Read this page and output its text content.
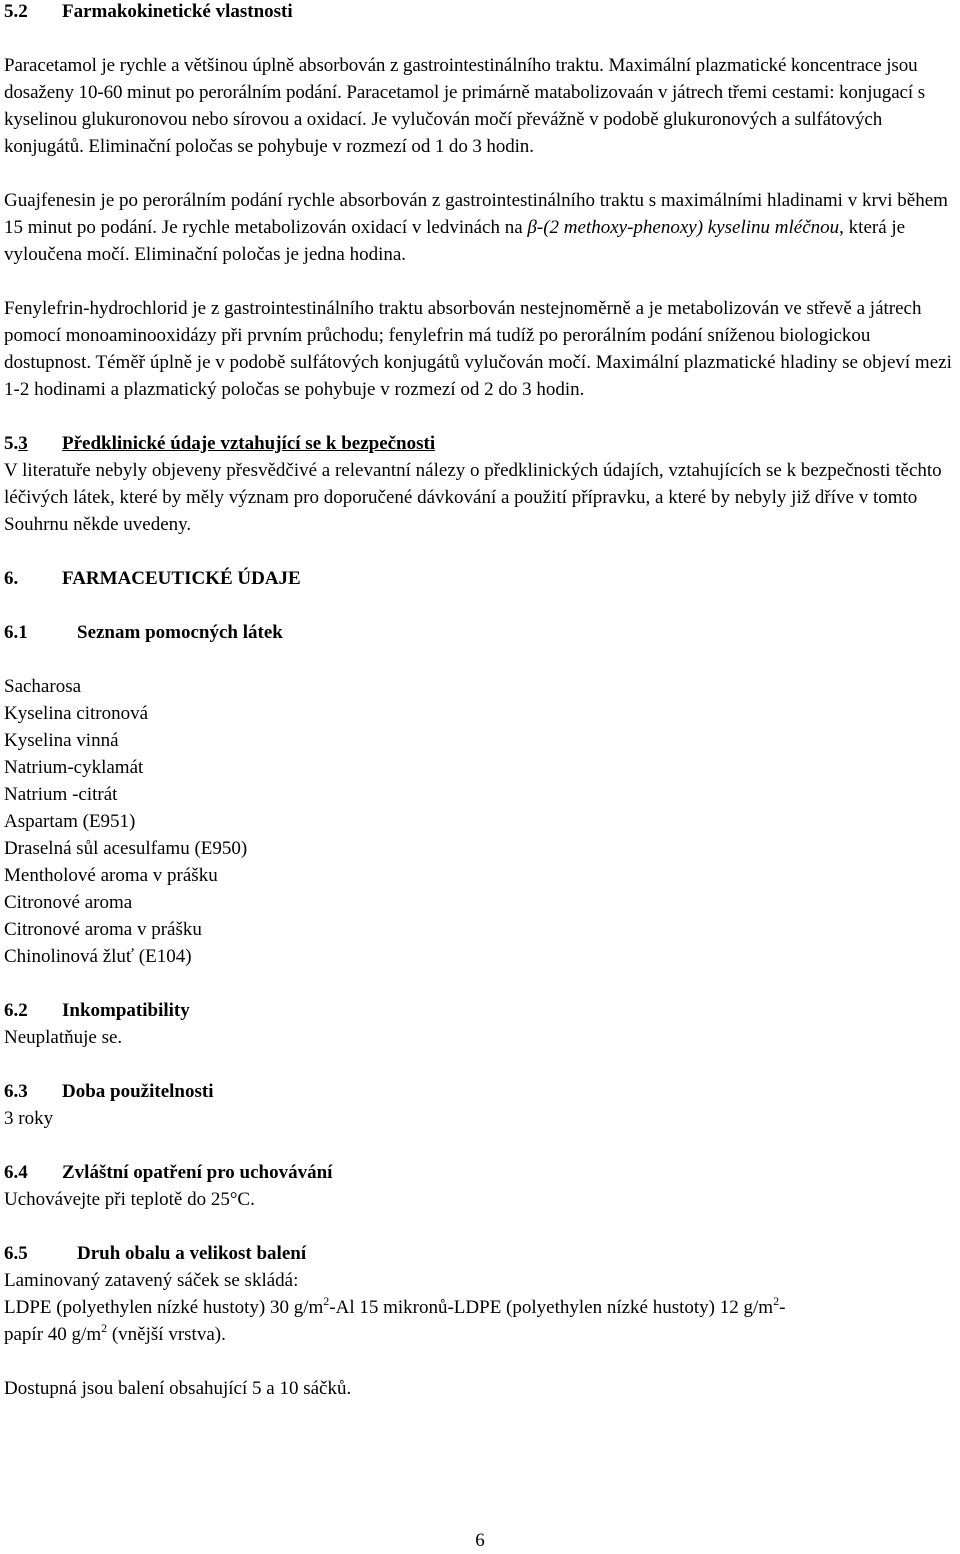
5.2 Farmakokinetické vlastnosti

Paracetamol je rychle a většinou úplně absorbován z gastrointestinálního traktu. Maximální plazmatické koncentrace jsou dosaženy 10-60 minut po perorálním podání. Paracetamol je primárně matabolizovaán v játrech třemi cestami: konjugací s kyselinou glukuronovou nebo sírovou a oxidací. Je vylučován močí převážně v podobě glukuronových a sulfátových konjugátů. Eliminační poločas se pohybuje v rozmezí od 1 do 3 hodin.

Guajfenesin je po perorálním podání rychle absorbován z gastrointestinálního traktu s maximálními hladinami v krvi během 15 minut po podání. Je rychle metabolizován oxidací v ledvinách na β-(2 methoxy-phenoxy) kyselinu mléčnou, která je vyloučena močí. Eliminační poločas je jedna hodina.

Fenylefrin-hydrochlorid je z gastrointestinálního traktu absorbován nestejnoměrně a je metabolizován ve střevě a játrech pomocí monoaminooxidázy při prvním průchodu; fenylefrin má tudíž po perorálním podání sníženou biologickou dostupnost. Téměř úplně je v podobě sulfátových konjugátů vylučován močí. Maximální plazmatické hladiny se objeví mezi 1-2 hodinami a plazmatický poločas se pohybuje v rozmezí od 2 do 3 hodin.

5.3 Předklinické údaje vztahující se k bezpečnosti

V literatuře nebyly objeveny přesvědčivé a relevantní nálezy o předklinických údajích, vztahujících se k bezpečnosti těchto léčivých látek, které by měly význam pro doporučené dávkování a použití přípravku, a které by nebyly již dříve v tomto Souhrnu někde uvedeny.

6. FARMACEUTICKÉ ÚDAJE

6.1	Seznam pomocných látek

Sacharosa
Kyselina citronová
Kyselina vinná
Natrium-cyklamát
Natrium -citrát
Aspartam (E951)
Draselná sůl acesulfamu (E950)
Mentholové aroma v prášku
Citronové aroma
Citronové aroma v prášku
Chinolinová žluť (E104)

6.2 Inkompatibility

Neuplatňuje se.

6.3 Doba použitelnosti

3 roky

6.4 Zvláštní opatření pro uchovávání

Uchovávejte při teplotě do 25°C.

6.5	Druh obalu a velikost balení

Laminovaný zatavený sáček se skládá:

LDPE (polyethylen nízké hustoty) 30 $g/m^2-Al$ 15 mikronů-LDPE (polyethylen nízké hustoty) 12 $g/m^2-$

papír 40 $g/m^2$ (vnější vrstva).

Dostupná jsou balení obsahující 5 a 10 sáčků.

6
